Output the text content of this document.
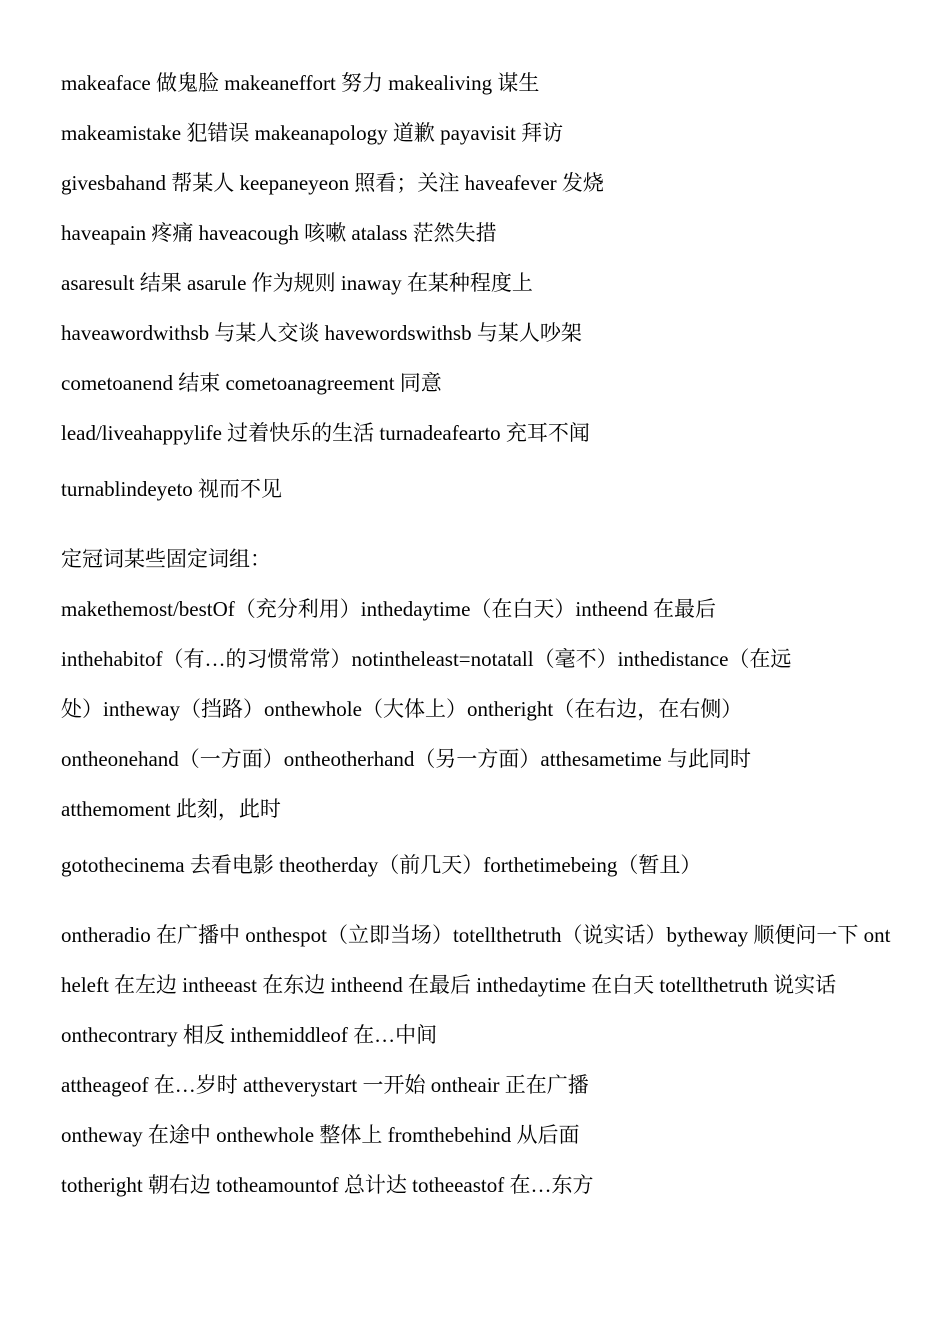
makeaface 做鬼脸 makeaneffort 努力 makealiving 谋生
makeamistake 犯错误 makeanapology 道歉 payavisit 拜访
givesbahand 帮某人 keepaneyeon 照看；关注 haveafever 发烧
haveapain 疼痛 haveacough 咳嗽 atalass 茫然失措
asaresult 结果 asarule 作为规则 inaway 在某种程度上
haveawordwithsb 与某人交谈 havewordswithsb 与某人吵架
cometoanend 结束 cometoanagreement 同意
lead/liveahappylife 过着快乐的生活 turnadeafearto 充耳不闻
turnablindeyeto 视而不见
定冠词某些固定词组：
makethemost/bestOf（充分利用）inthedaytime（在白天）intheend 在最后
inthehabitof（有…的习惯常常）notintheleast=notatall（毫不）inthedistance（在远
处）intheway（挡路）onthewhole（大体上）ontheright（在右边，在右侧）
ontheonehand（一方面）ontheotherhand（另一方面）atthesametime 与此同时
atthemoment 此刻，此时
gotothecinema 去看电影 theotherday（前几天）forthetimebeing（暂且）
ontheradio 在广播中 onthespot（立即当场）totellthetruth（说实话）bytheway 顺便问一下 ontheleft 在左边 intheeast 在东边 intheend 在最后 inthedaytime 在白天 totellthetruth 说实话
onthecontrary 相反 inthemiddleof 在…中间
attheageof 在…岁时 attheverystart 一开始 ontheair 正在广播
ontheway 在途中 onthewhole 整体上 fromthebehind 从后面
totheright 朝右边 totheamountof 总计达 totheeastof 在…东方
